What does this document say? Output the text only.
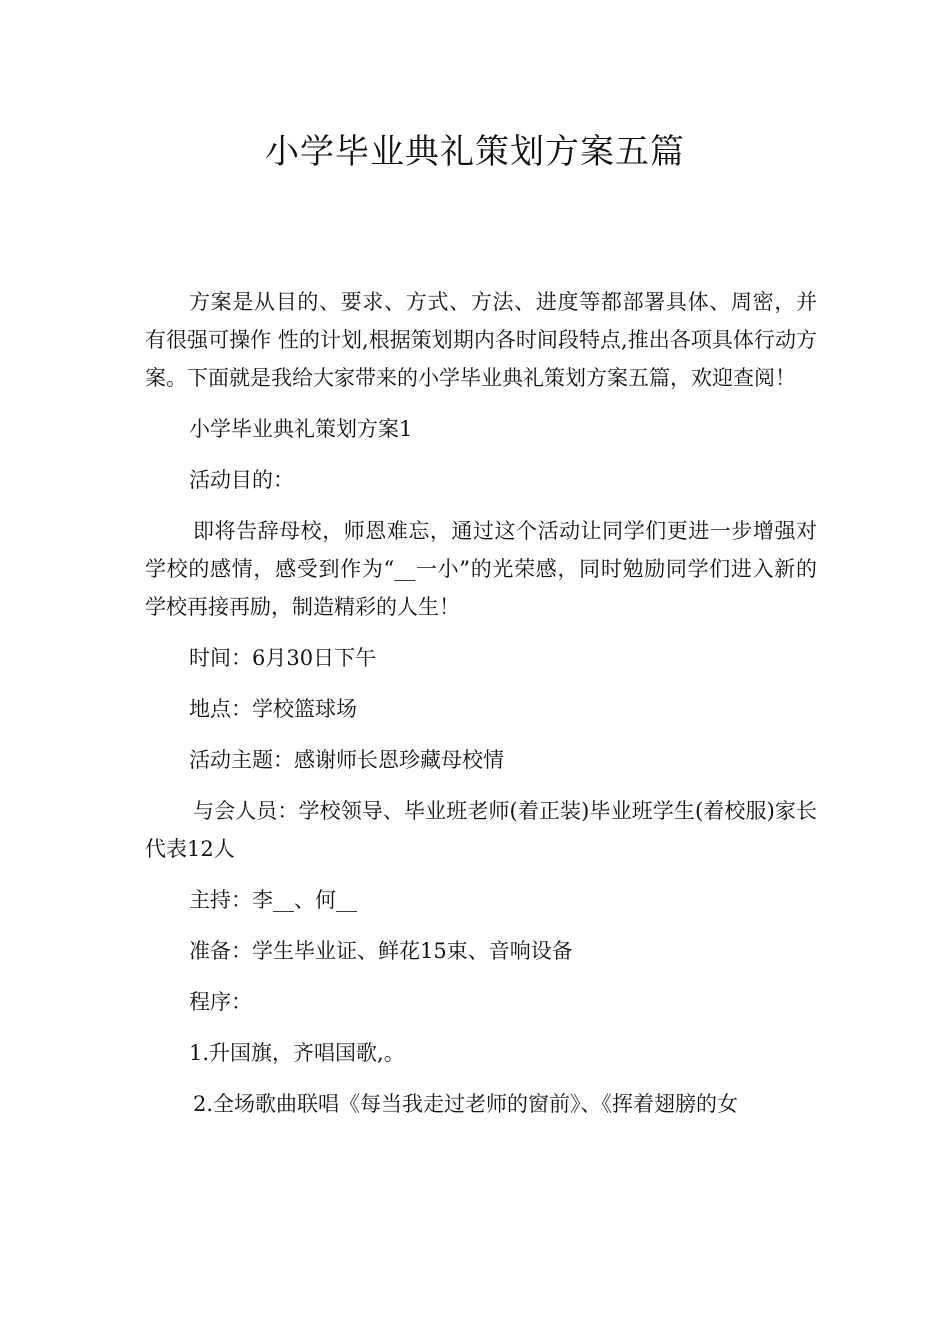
小学毕业典礼策划方案五篇

方案是从目的、要求、方式、方法、进度等都部署具体、周密，并有很强可操作 性的计划,根据策划期内各时间段特点,推出各项具体行动方案。下面就是我给大家带来的小学毕业典礼策划方案五篇，欢迎查阅！

小学毕业典礼策划方案1

活动目的：

即将告辞母校，师恩难忘，通过这个活动让同学们更进一步增强对学校的感情，感受到作为“__一小”的光荣感，同时勉励同学们进入新的学校再接再励，制造精彩的人生！

时间：6月30日下午

地点：学校篮球场

活动主题：感谢师长恩珍藏母校情

与会人员：学校领导、毕业班老师(着正装)毕业班学生(着校服)家长代表12人

主持：李__、何__

准备：学生毕业证、鲜花15束、音响设备

程序：

1.升国旗，齐唱国歌,。

2.全场歌曲联唱《每当我走过老师的窗前》、《挥着翅膀的女
